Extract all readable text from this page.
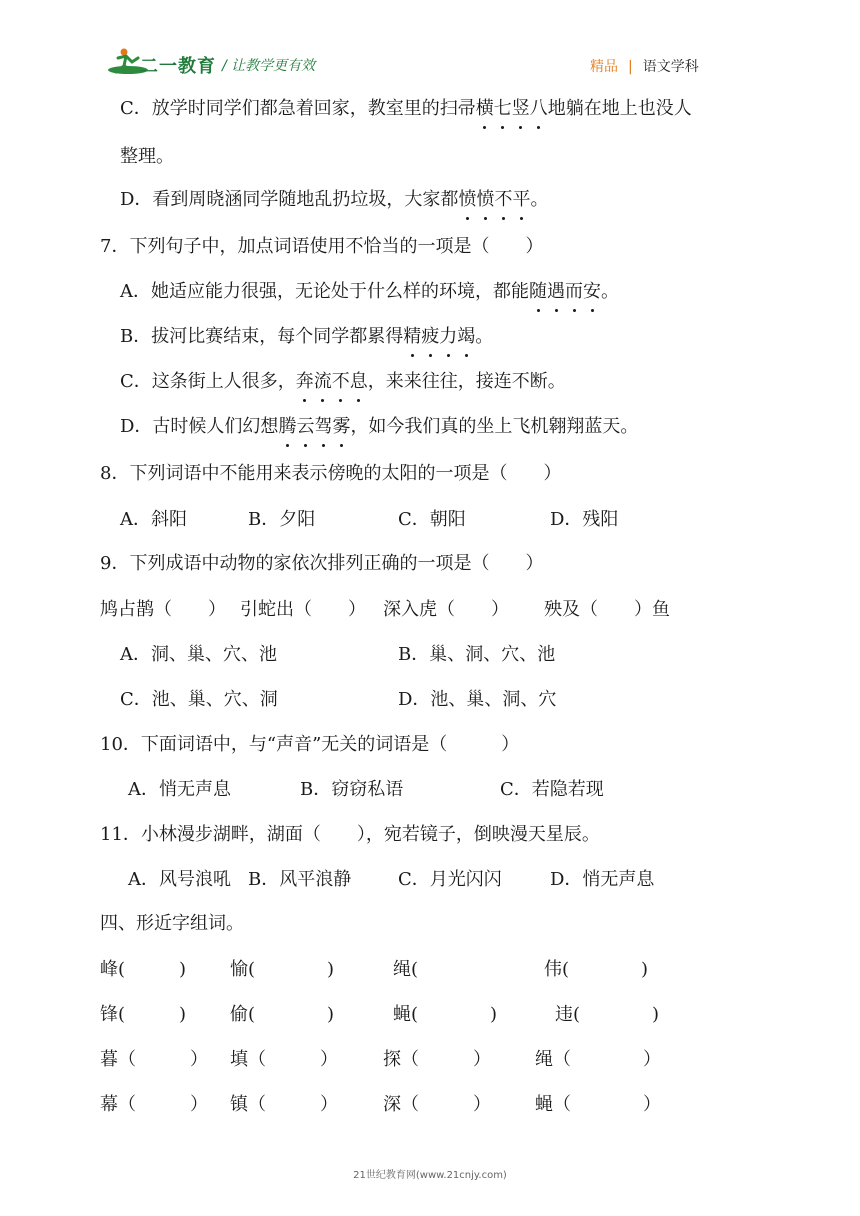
二一教育 / 让教学更有效	精品 | 语文学科
C．放学时同学们都急着回家，教室里的扫帚横七竖八地躺在地上也没人
整理。
D．看到周晓涵同学随地乱扔垃圾，大家都愤愤不平。
7．下列句子中，加点词语使用不恰当的一项是（　　）
A．她适应能力很强，无论处于什么样的环境，都能随遇而安。
B．拔河比赛结束，每个同学都累得精疲力竭。
C．这条街上人很多，奔流不息，来来往往，接连不断。
D．古时候人们幻想腾云驾雾，如今我们真的坐上飞机翱翔蓝天。
8．下列词语中不能用来表示傍晚的太阳的一项是（　　）
A．斜阳	B．夕阳	C．朝阳	D．残阳
9．下列成语中动物的家依次排列正确的一项是（　　）
鸠占鹊（　　） 引蛇出（　　） 深入虎（　　） 殃及（　　）鱼
A．洞、巢、穴、池	B．巢、洞、穴、池
C．池、巢、穴、洞	D．池、巢、洞、穴
10．下面词语中，与“声音”无关的词语是（　　　）
A．悄无声息	B．窃窃私语	C．若隐若现
11．小林漫步湖畔，湖面（　　），宛若镜子，倒映漫天星辰。
A．风号浪吼 B．风平浪静	C．月光闪闪	D．悄无声息
四、形近字组词。
峰(　　　) 愉(　　　　)	绳(　　　　　　　 伟(　　　　)
锋(　　　) 偷(　　　　)	蝇(　　　　)	违(　　　　)
暮（　　　） 填（　　　）	探（　　　） 绳（　　　　）
幕（　　　） 镇（　　　）	深（　　　） 蝇（　　　　）
21世纪教育网(www.21cnjy.com)
